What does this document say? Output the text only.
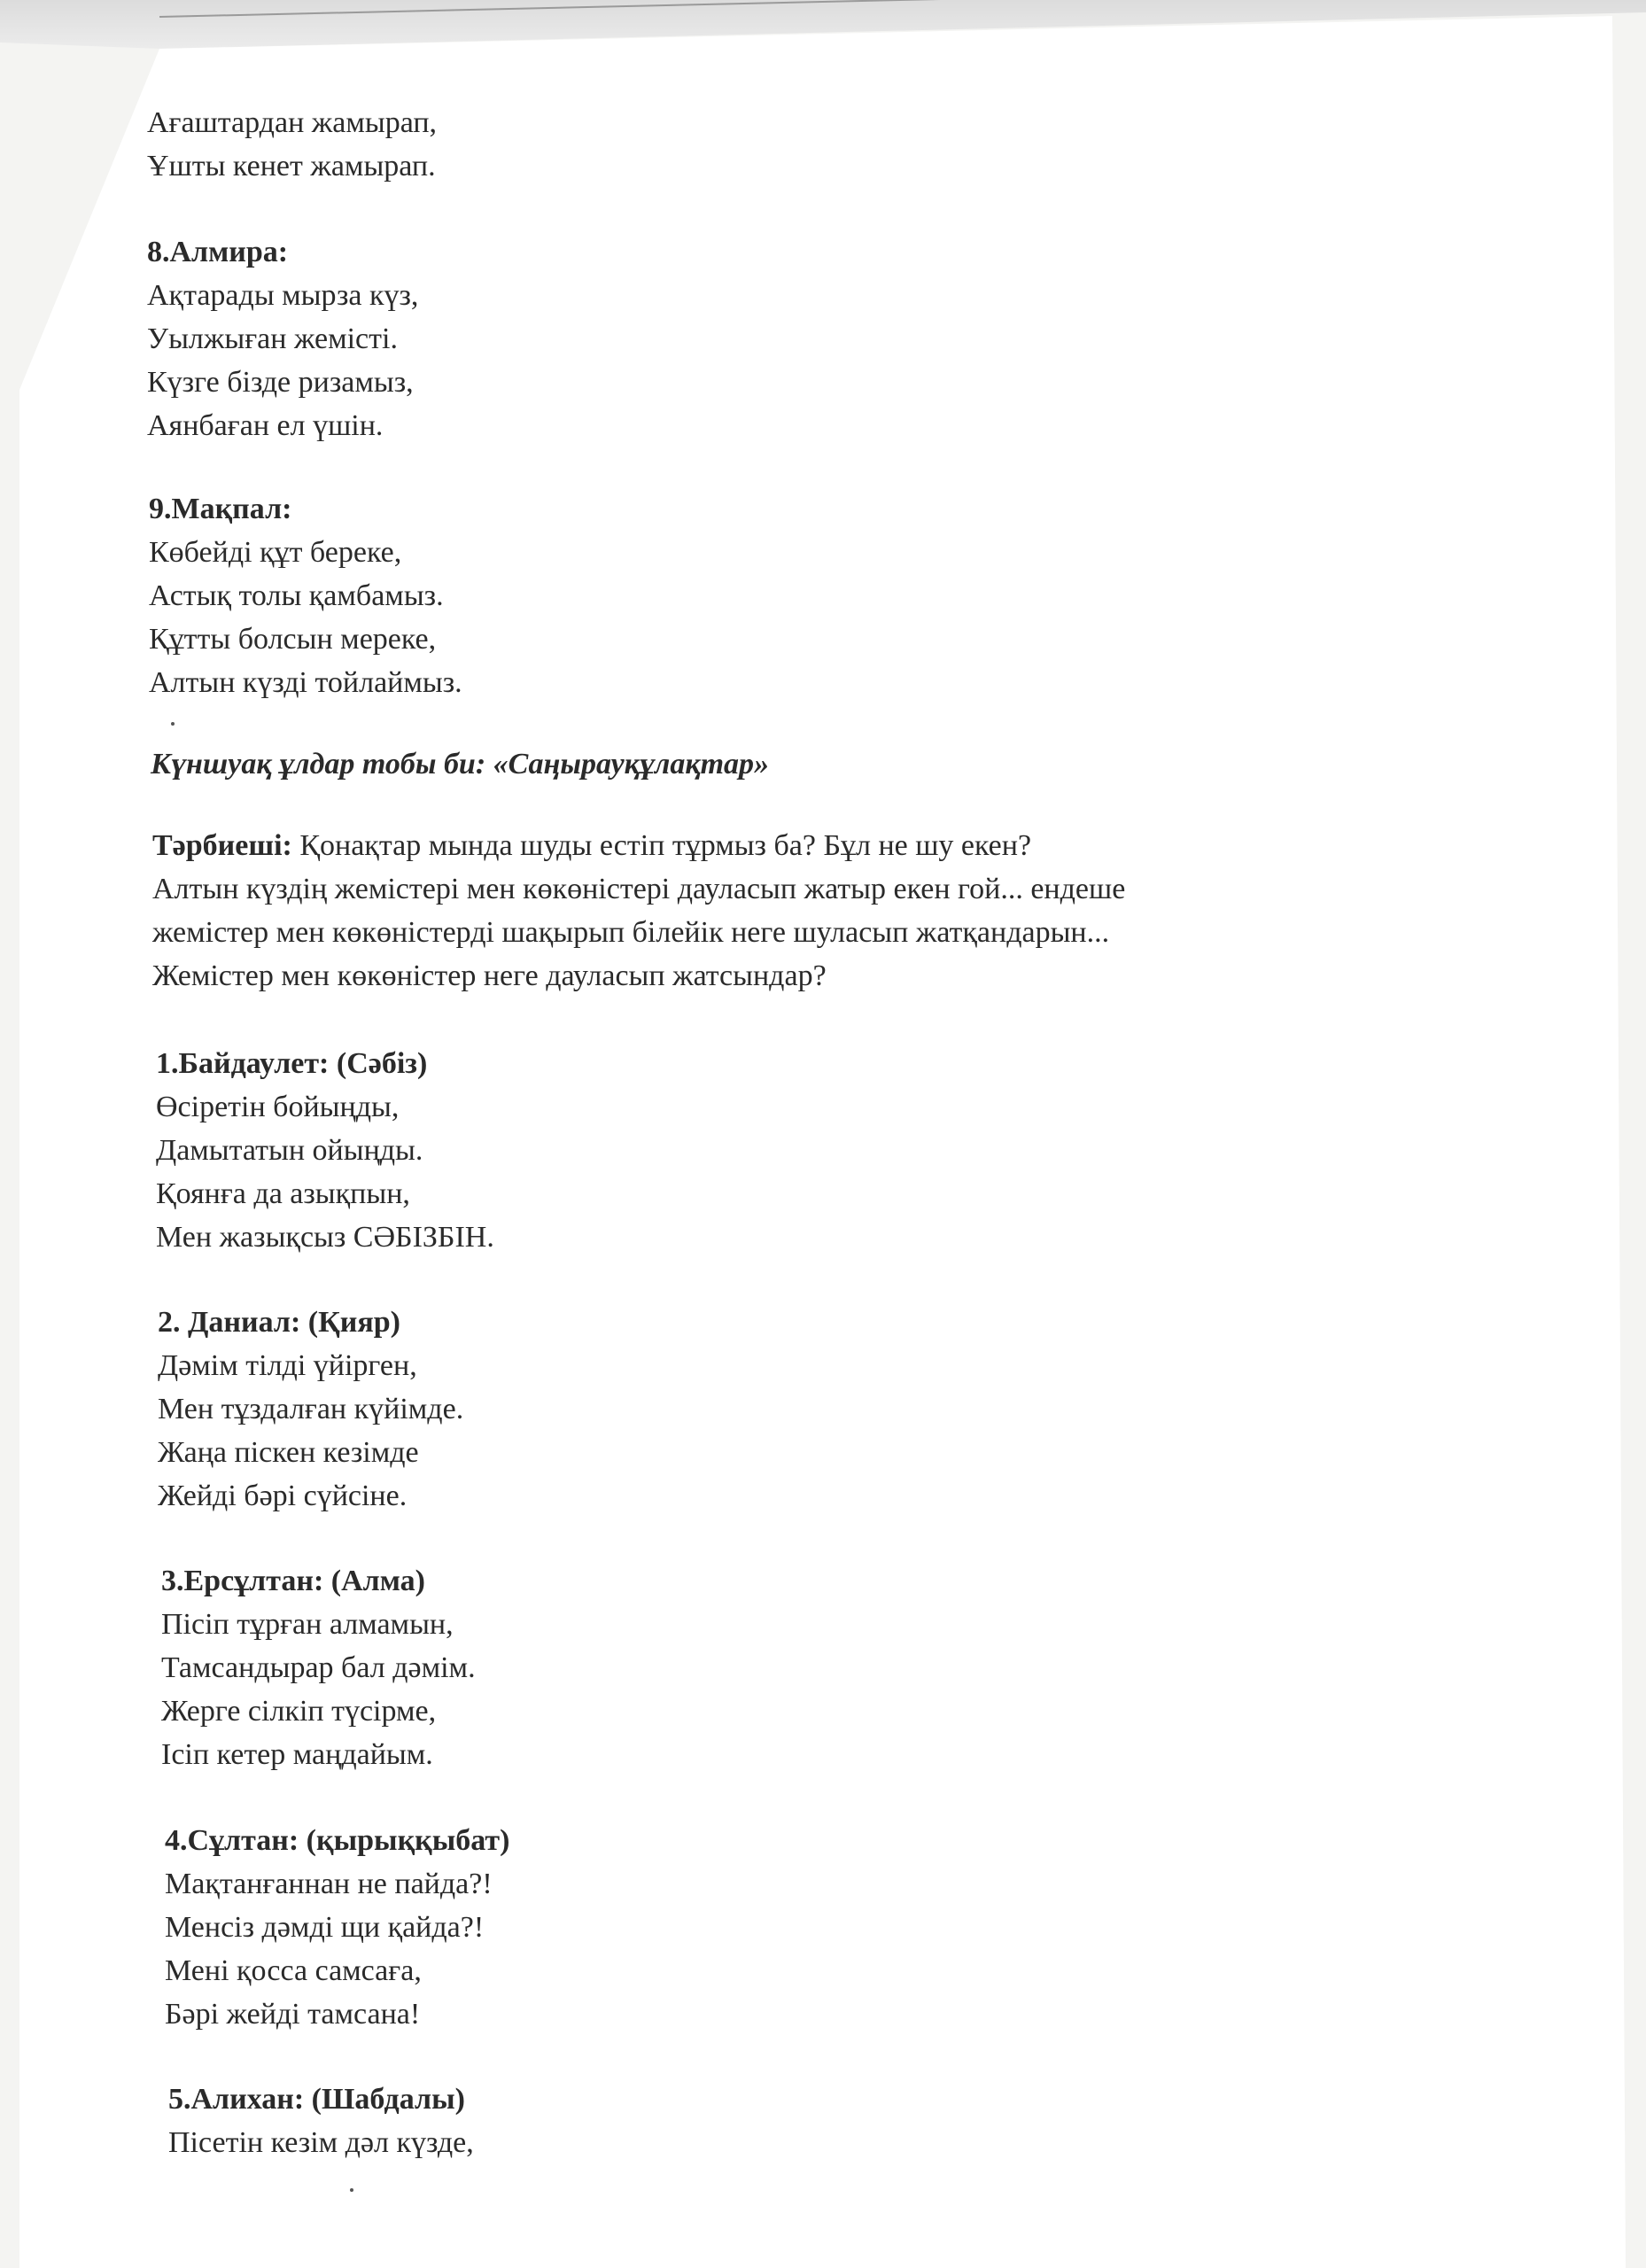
Ағаштардан жамырап,

Ұшты кенет жамырап.

8.Алмира:

Ақтарады мырза күз,

Уылжыған жемісті.

Күзге бізде ризамыз,

Аянбаған ел үшін.

9.Мақпал:

Көбейді құт береке,

Астық толы қамбамыз.

Құтты болсын мереке,

Алтын күзді тойлаймыз.

Күншуақ ұлдар тобы би: «Саңырауқұлақтар»

Тәрбиеші: Қонақтар мында шуды естіп тұрмыз ба? Бұл не шу екен?

Алтын күздің жемістері мен көкөністері дауласып жатыр екен гой... ендеше

жемістер мен көкөністерді шақырып білейік неге шуласып жатқандарын...

Жемістер мен көкөністер неге дауласып жатсындар?

1.Байдаулет: (Сәбіз)

Өсіретін бойыңды,

Дамытатын ойыңды.

Қоянға да азықпын,

Мен жазықсыз СӘБІЗБІН.

2. Даниал: (Қияр)

Дәмім тілді үйірген,

Мен тұздалған күйімде.

Жаңа піскен кезімде

Жейді бәрі сүйсіне.

3.Ерсұлтан: (Алма)

Пісіп тұрған алмамын,

Тамсандырар бал дәмім.

Жерге сілкіп түсірме,

Ісіп кетер маңдайым.

4.Сұлтан: (қырыққыбат)

Мақтанғаннан не пайда?!

Менсіз дәмді щи қайда?!

Мені қосса самсаға,

Бәрі жейді тамсана!

5.Алихан: (Шабдалы)

Пісетін кезім дәл күзде,
